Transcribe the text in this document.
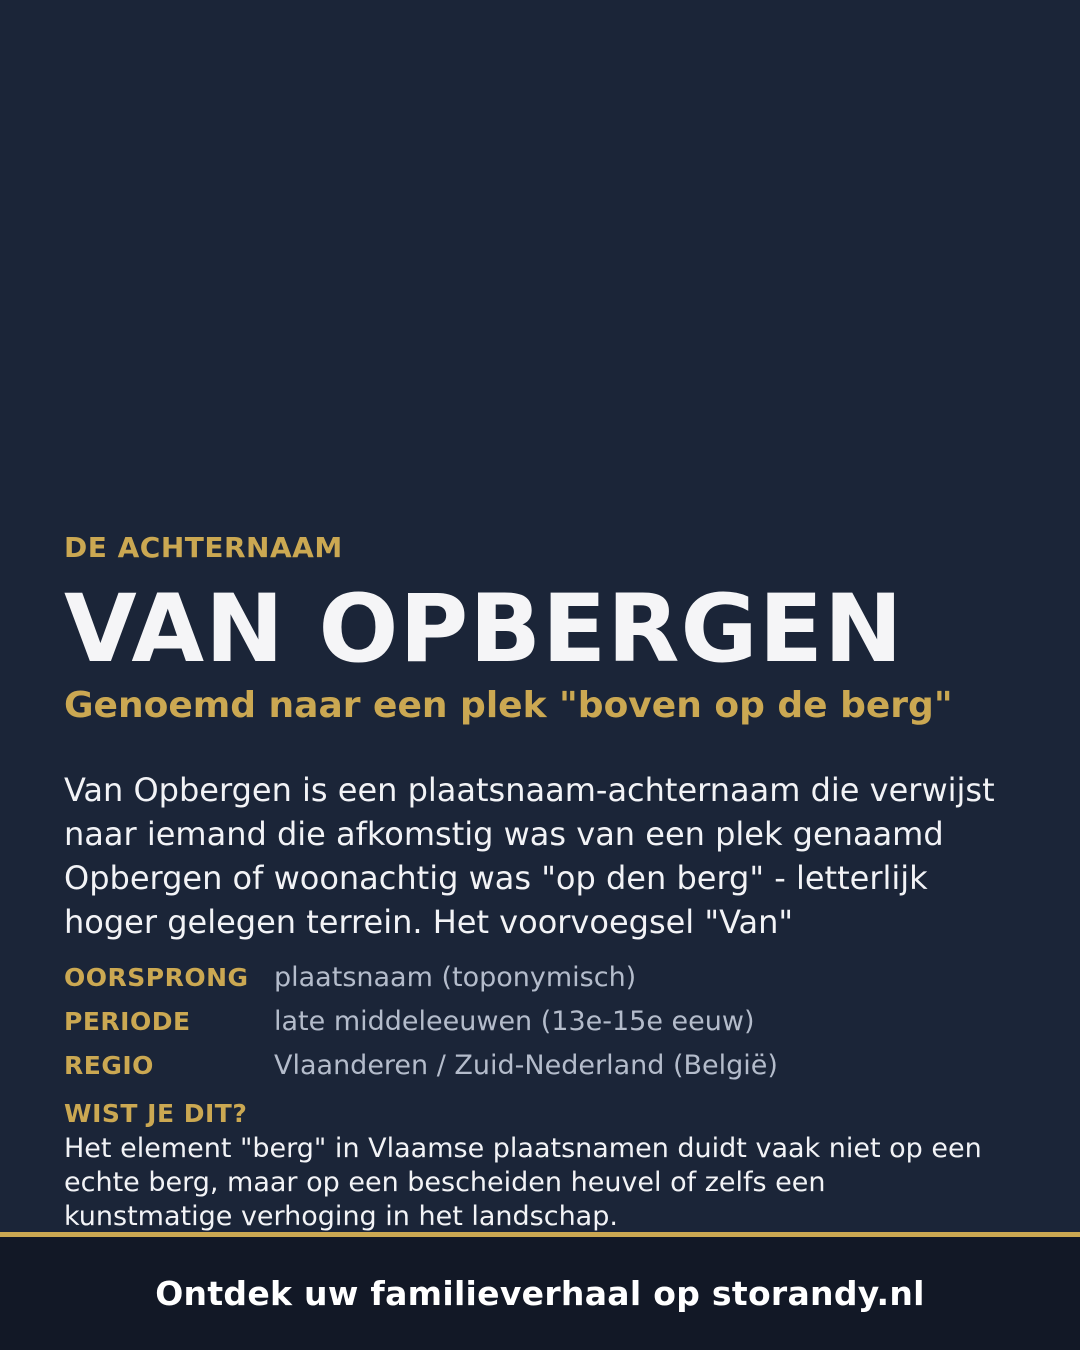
DE ACHTERNAAM
VAN OPBERGEN
Genoemd naar een plek "boven op de berg"
Van Opbergen is een plaatsnaam-achternaam die verwijst naar iemand die afkomstig was van een plek genaamd Opbergen of woonachtig was "op den berg" - letterlijk hoger gelegen terrein. Het voorvoegsel "Van"
OORSPRONG plaatsnaam (toponymisch)
PERIODE	late middeleeuwen (13e-15e eeuw)
REGIO	Vlaanderen / Zuid-Nederland (België)
WIST JE DIT?
Het element "berg" in Vlaamse plaatsnamen duidt vaak niet op een echte berg, maar op een bescheiden heuvel of zelfs een kunstmatige verhoging in het landschap.
Ontdek uw familieverhaal op storandy.nl
